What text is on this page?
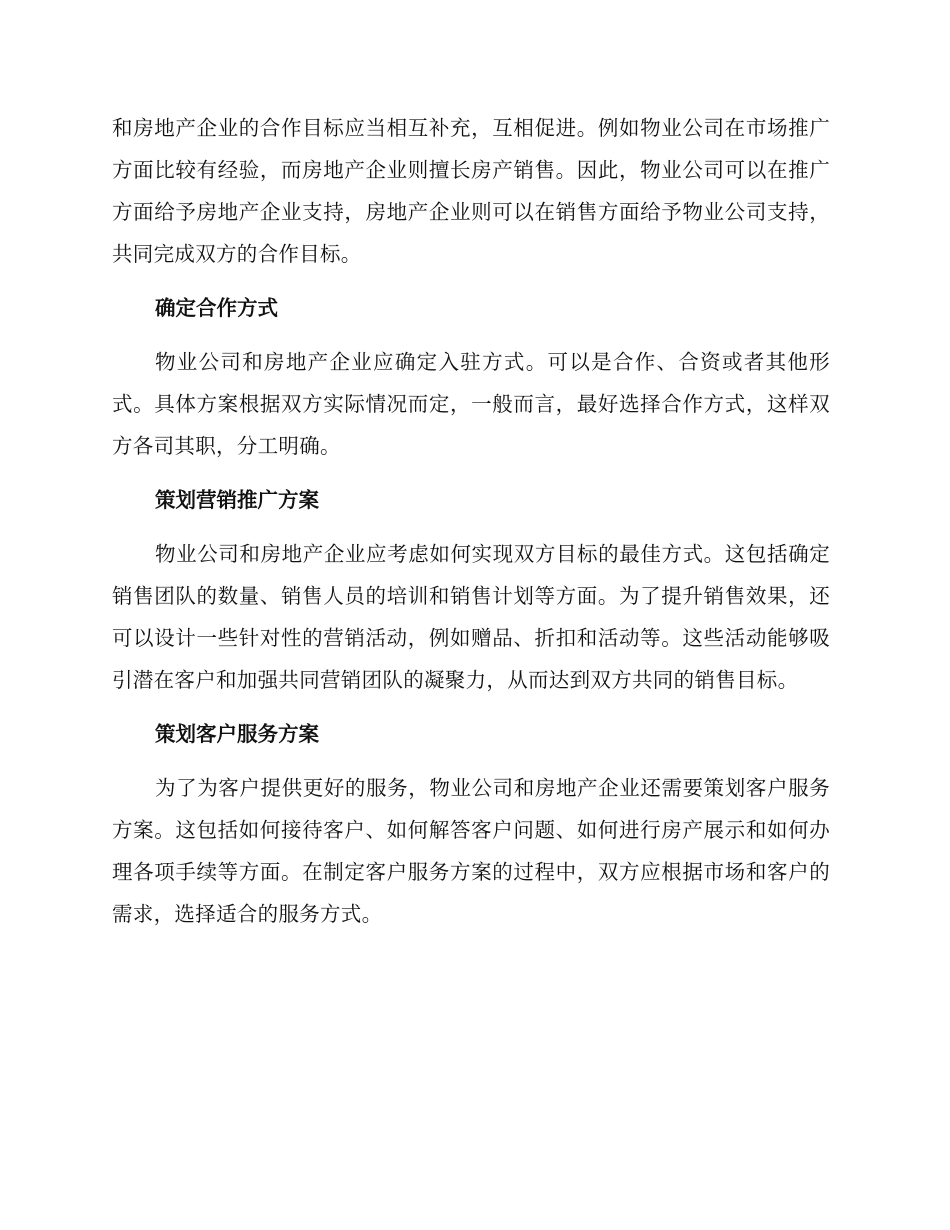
和房地产企业的合作目标应当相互补充，互相促进。例如物业公司在市场推广方面比较有经验，而房地产企业则擅长房产销售。因此，物业公司可以在推广方面给予房地产企业支持，房地产企业则可以在销售方面给予物业公司支持，共同完成双方的合作目标。

确定合作方式

物业公司和房地产企业应确定入驻方式。可以是合作、合资或者其他形式。具体方案根据双方实际情况而定，一般而言，最好选择合作方式，这样双方各司其职，分工明确。

策划营销推广方案

物业公司和房地产企业应考虑如何实现双方目标的最佳方式。这包括确定销售团队的数量、销售人员的培训和销售计划等方面。为了提升销售效果，还可以设计一些针对性的营销活动，例如赠品、折扣和活动等。这些活动能够吸引潜在客户和加强共同营销团队的凝聚力，从而达到双方共同的销售目标。

策划客户服务方案

为了为客户提供更好的服务，物业公司和房地产企业还需要策划客户服务方案。这包括如何接待客户、如何解答客户问题、如何进行房产展示和如何办理各项手续等方面。在制定客户服务方案的过程中，双方应根据市场和客户的需求，选择适合的服务方式。
